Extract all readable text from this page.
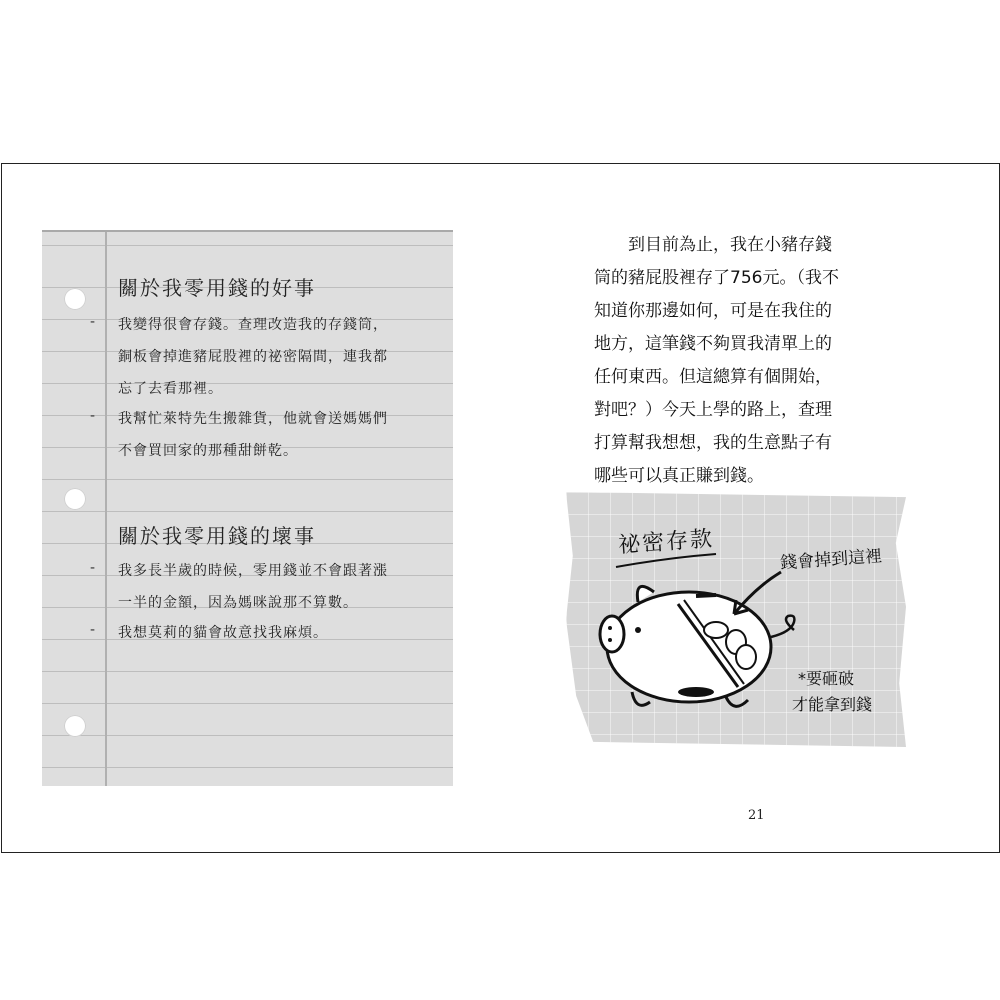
關於我零用錢的好事
- 我變得很會存錢。查理改造我的存錢筒，
銅板會掉進豬屁股裡的祕密隔間，連我都
忘了去看那裡。
- 我幫忙萊特先生搬雜貨，他就會送媽媽們
不會買回家的那種甜餅乾。
關於我零用錢的壞事
- 我多長半歲的時候，零用錢並不會跟著漲
一半的金額，因為媽咪說那不算數。
- 我想莫莉的貓會故意找我麻煩。
到目前為止，我在小豬存錢
筒的豬屁股裡存了756元。（我不
知道你那邊如何，可是在我住的
地方，這筆錢不夠買我清單上的
任何東西。但這總算有個開始，
對吧？）今天上學的路上，查理
打算幫我想想，我的生意點子有
哪些可以真正賺到錢。
祕密存款
錢會掉到這裡
*要砸破
才能拿到錢
21
